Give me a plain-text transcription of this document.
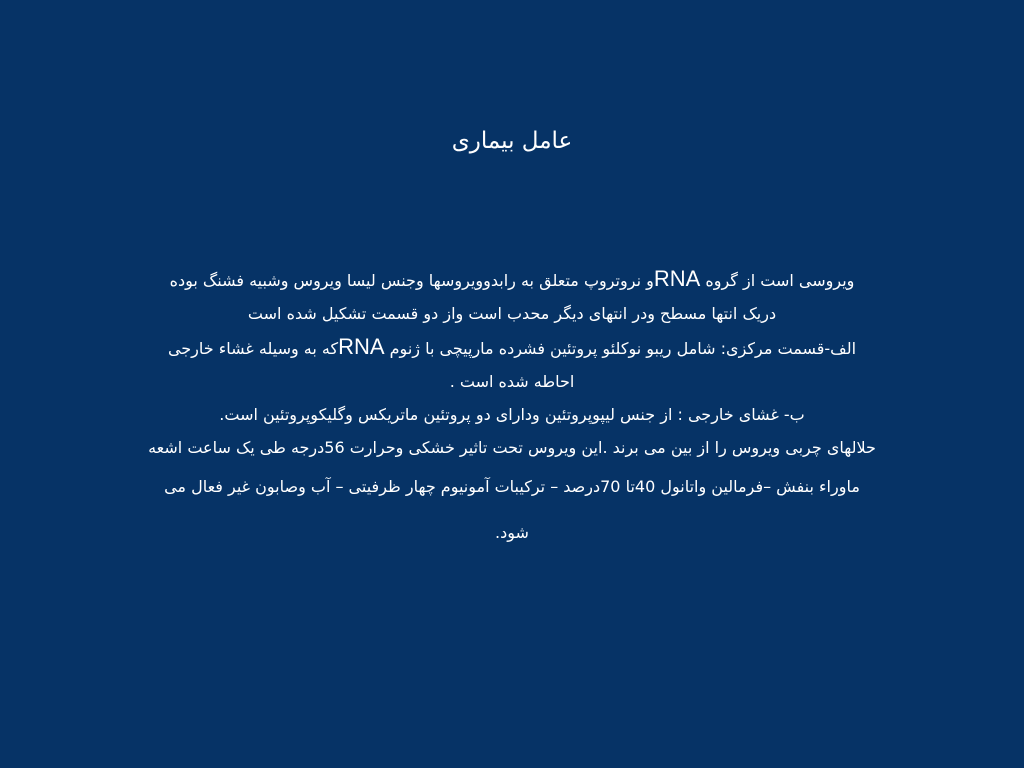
عامل بیماری

ویروسی است از گروه RNAو نروتروپ متعلق به رابدوویروسها وجنس لیسا ویروس وشبیه فشنگ بوده

دریک انتها مسطح ودر انتهای دیگر محدب است واز دو قسمت تشکیل شده است

الف-قسمت مرکزی: شامل ریبو نوکلئو پروتئین فشرده مارپیچی با ژنوم RNAکه به وسیله غشاء خارجی

احاطه شده است .

ب- غشای خارجی : از جنس لیپوپروتئین ودارای دو پروتئین ماتریکس وگلیکوپروتئین است.

حلالهای چربی ویروس را از بین می برند .این ویروس تحت تاثیر خشکی وحرارت 56درجه طی یک ساعت اشعه

ماوراء بنفش –فرمالین واتانول 40تا 70درصد – ترکیبات آمونیوم چهار ظرفیتی – آب وصابون غیر فعال می

شود.
